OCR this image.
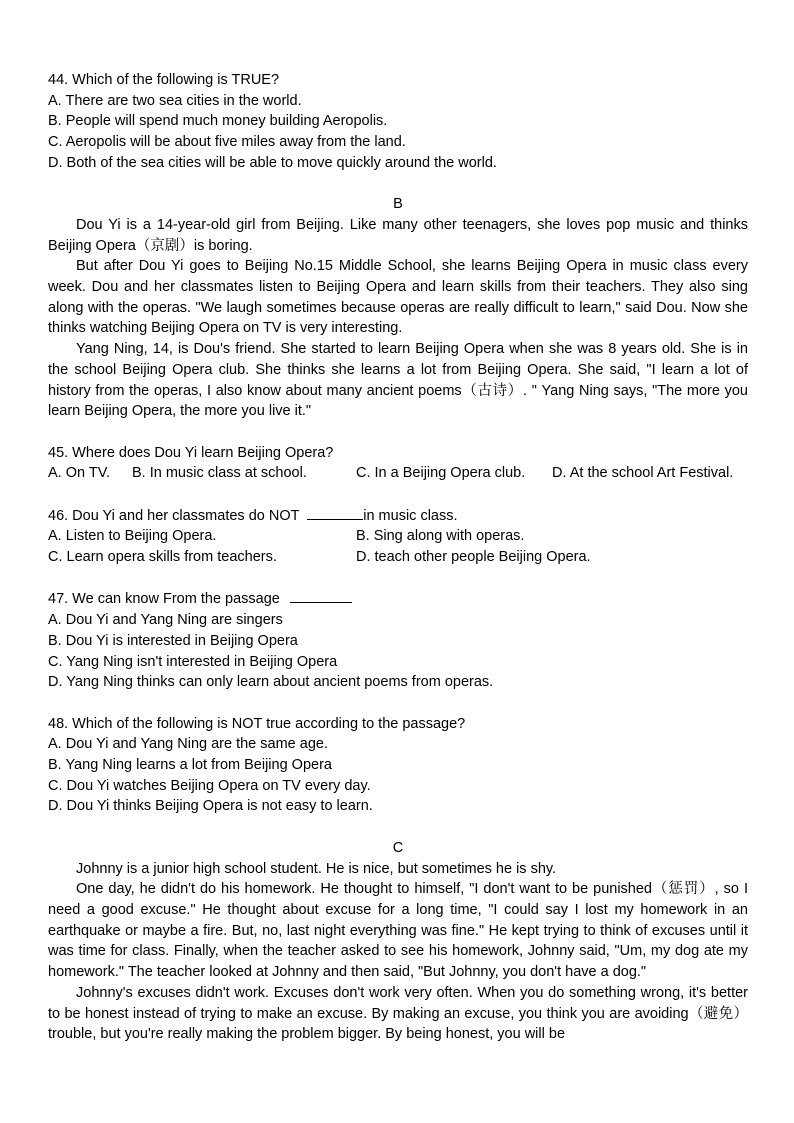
44. Which of the following is TRUE?
A. There are two sea cities in the world.
B. People will spend much money building Aeropolis.
C. Aeropolis will be about five miles away from the land.
D. Both of the sea cities will be able to move quickly around the world.
B
Dou Yi is a 14-year-old girl from Beijing. Like many other teenagers, she loves pop music and thinks Beijing Opera（京剧）is boring.
But after Dou Yi goes to Beijing No.15 Middle School, she learns Beijing Opera in music class every week. Dou and her classmates listen to Beijing Opera and learn skills from their teachers. They also sing along with the operas. "We laugh sometimes because operas are really difficult to learn," said Dou. Now she thinks watching Beijing Opera on TV is very interesting.
Yang Ning, 14, is Dou's friend. She started to learn Beijing Opera when she was 8 years old. She is in the school Beijing Opera club. She thinks she learns a lot from Beijing Opera. She said, "I learn a lot of history from the operas, I also know about many ancient poems（古诗）. " Yang Ning says, "The more you learn Beijing Opera, the more you live it."
45. Where does Dou Yi learn Beijing Opera?
A. On TV. B. In music class at school.	C. In a Beijing Opera club. D. At the school Art Festival.
46. Dou Yi and her classmates do NOT	in music class.
A. Listen to Beijing Opera.	B. Sing along with operas.
C. Learn opera skills from teachers.	D. teach other people Beijing Opera.
47. We can know From the passage
A. Dou Yi and Yang Ning are singers
B. Dou Yi is interested in Beijing Opera
C. Yang Ning isn't interested in Beijing Opera
D. Yang Ning thinks can only learn about ancient poems from operas.
48. Which of the following is NOT true according to the passage?
A. Dou Yi and Yang Ning are the same age.
B. Yang Ning learns a lot from Beijing Opera
C. Dou Yi watches Beijing Opera on TV every day.
D. Dou Yi thinks Beijing Opera is not easy to learn.
C
Johnny is a junior high school student. He is nice, but sometimes he is shy.
One day, he didn't do his homework. He thought to himself, "I don't want to be punished（惩罚）, so I need a good excuse." He thought about excuse for a long time, "I could say I lost my homework in an earthquake or maybe a fire. But, no, last night everything was fine." He kept trying to think of excuses until it was time for class. Finally, when the teacher asked to see his homework, Johnny said, "Um, my dog ate my homework." The teacher looked at Johnny and then said, "But Johnny, you don't have a dog."
Johnny's excuses didn't work. Excuses don't work very often. When you do something wrong, it's better to be honest instead of trying to make an excuse. By making an excuse, you think you are avoiding（避免）trouble, but you're really making the problem bigger. By being honest, you will be
